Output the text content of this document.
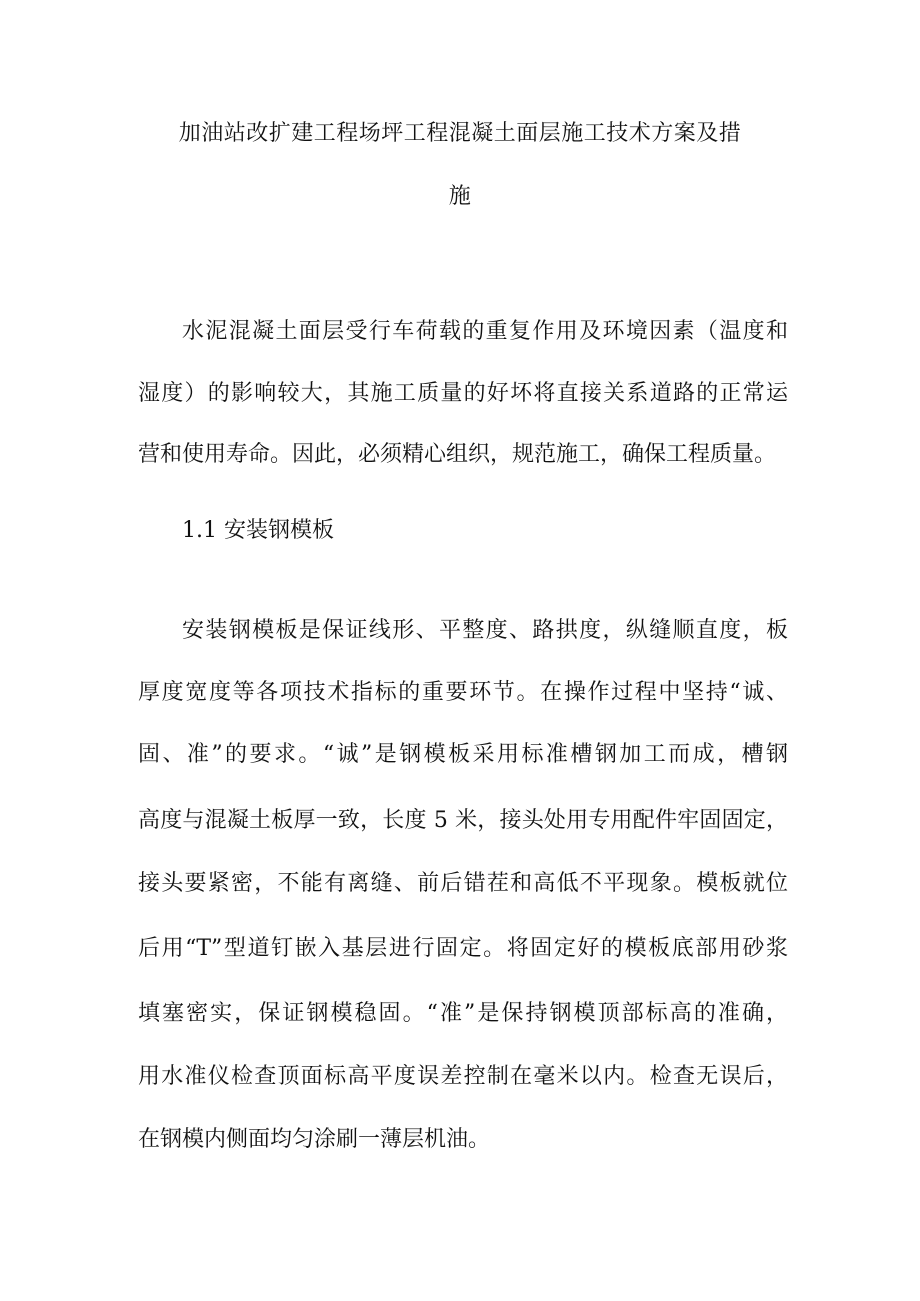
加油站改扩建工程场坪工程混凝土面层施工技术方案及措
施
水泥混凝土面层受行车荷载的重复作用及环境因素（温度和
湿度）的影响较大，其施工质量的好坏将直接关系道路的正常运
营和使用寿命。因此，必须精心组织，规范施工，确保工程质量。
1.1 安装钢模板
安装钢模板是保证线形、平整度、路拱度，纵缝顺直度，板
厚度宽度等各项技术指标的重要环节。在操作过程中坚持“诚、
固、准”的要求。“诚”是钢模板采用标准槽钢加工而成，槽钢
高度与混凝土板厚一致，长度 5 米，接头处用专用配件牢固固定，
接头要紧密，不能有离缝、前后错茬和高低不平现象。模板就位
后用“T”型道钉嵌入基层进行固定。将固定好的模板底部用砂浆
填塞密实，保证钢模稳固。“准”是保持钢模顶部标高的准确，
用水准仪检查顶面标高平度误差控制在毫米以内。检查无误后，
在钢模内侧面均匀涂刷一薄层机油。
